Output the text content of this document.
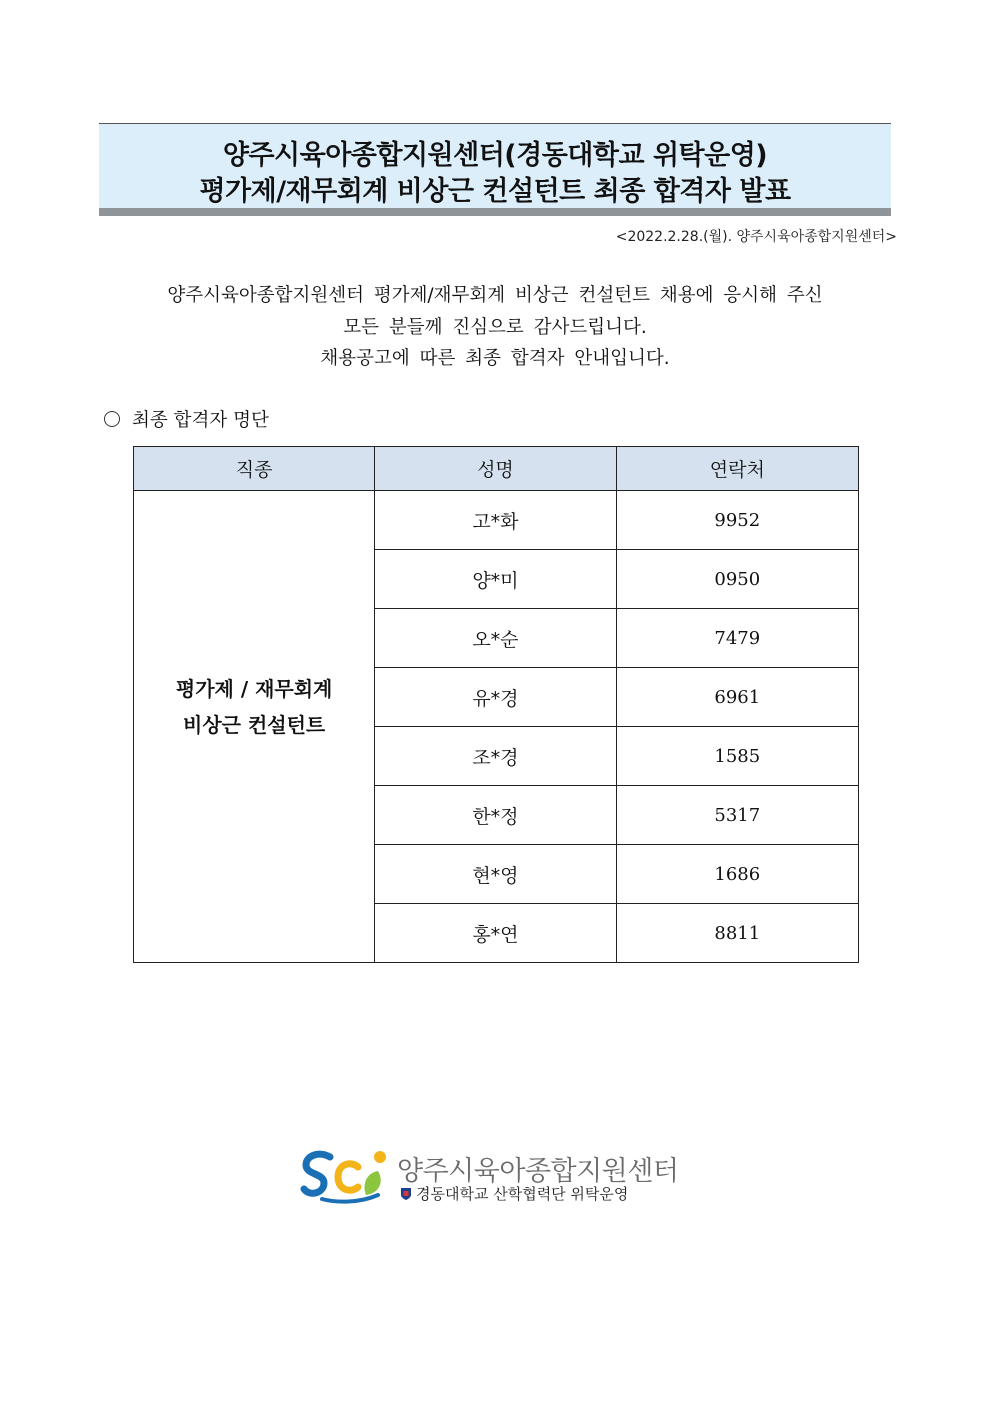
양주시육아종합지원센터(경동대학교 위탁운영)
평가제/재무회계 비상근 컨설턴트 최종 합격자 발표
<2022.2.28.(월). 양주시육아종합지원센터>
양주시육아종합지원센터 평가제/재무회계 비상근 컨설턴트 채용에 응시해 주신
모든 분들께 진심으로 감사드립니다.
채용공고에 따른 최종 합격자 안내입니다.
최종 합격자 명단
직종	성명	연락처

평가제 / 재무회계
비상근 컨설턴트	고*화	9952
	양*미	0950
	오*순	7479
	유*경	6961
	조*경	1585
	한*정	5317
	현*영	1686
	홍*연	8811
양주시육아종합지원센터
경동대학교 산학협력단 위탁운영
